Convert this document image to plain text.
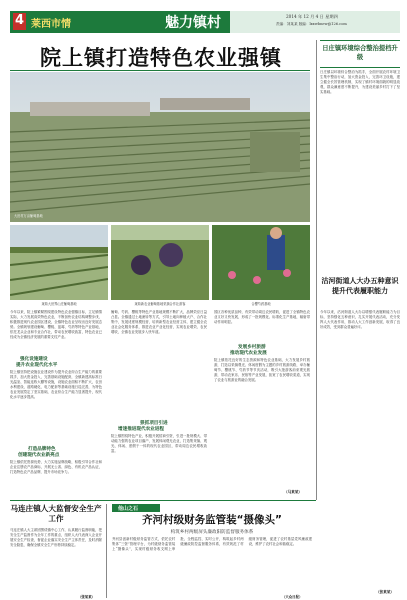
4 莱西市情	魅力镇村	2014 年 12 月 4 日 星期四
责编：刘某某 版编：lxxwbnew@126.com
院上镇打造特色农业强镇
大田村万亩葡萄基地
莱菊大世界山庄葡萄基地	莱菊新农业葡萄基地采摘合作社游客	合樱芍药基地
今年以来，院上镇紧紧围绕建设特色农业强镇目标，立足镇情实际，大力发展高效特色农业，不断加快农业结构调整步伐，积极推进现代农业园区建设，全镇特色农业呈现出良好发展态势。全镇规划建设葡萄、樱桃、蓝莓、芍药等特色产业基地，依托龙头企业和专业合作社，带动农民增收致富，特色农业已经成为全镇经济发展的重要支柱产业。
强化设施建设
提升农业现代化水平
院上镇坚持把设施农业建设作为提升农业综合生产能力的重要抓手，加大资金投入，完善基础设施配套，全镇新建高标准日光温室、智能连栋大棚等设施，设施农业面积不断扩大，农田水利建设、道路硬化、电力配套等基础设施日趋完善，为特色农业发展奠定了坚实基础，农业综合生产能力显著提升，现代化水平逐步提高。
打造品牌特色
创建现代农业新亮点
院上镇依托资源优势，大力实施品牌战略，积极引导合作社和企业注册农产品商标，开展无公害、绿色、有机农产品认证，打造特色农产品品牌，提升市场竞争力。
葡萄、芍药、樱桃等特色产业基地规模不断扩大，品牌效应日益凸显。全镇通过土地流转等方式，引导土地向种植大户、合作社集中，发展适度规模经营，培育新型农业经营主体，建立健全农业社会化服务体系，推进农业产业化经营，实现农业增效、农民增收，全镇农业发展步入快车道。
狠抓项目引进
增速推进现代农业进程
院上镇围绕特色产业，积极开展招商引资，引进一批规模大、带动能力强的农业项目落户，发展休闲观光农业，打造集采摘、观光、休闲、度假于一体的现代农业园区，带动周边农民增收致富。
园区各种优质品种，有效带动周边农民增收，促进了全镇特色农业又好又快发展，形成了一批规模化、标准化生产基地，辐射带动作用明显。
发展乡村旅游
推动现代农业发展
院上镇依托良好的生态资源和特色农业基础，大力发展乡村旅游，打造以采摘观光、休闲度假为主题的乡村旅游线路，举办葡萄节、樱桃节、芍药节等节庆活动，吸引大批游客前来观光旅游，带动农家乐、民宿等产业发展，拓宽了农民增收渠道，实现了农业与旅游业的融合发展。
（马某某）
日庄镇环境综合整治提档升级
日庄镇以环境综合整治为抓手，全面开展农村环境卫生集中整治行动，加大资金投入，完善环卫设施，建立健全长效管理机制，实现了镇村环境面貌的明显改观，群众满意度不断提升，为建设美丽乡村打下了坚实基础。
沽河街道人大办五种意识提升代表履职能力
今年以来，沽河街道人大办以增强代表履职能力为目标，坚持强化五种意识，扎实开展代表活动，充分发挥人大代表作用，推动人大工作创新发展，取得了良好成效，受到群众普遍好评。
（张某某）
马连庄镇人大监督安全生产工作
马连庄镇人大主席团围绕镇中心工作，认真履行监督职能，把安全生产监督作为全年工作的重点，组织人大代表深入企业开展安全生产检查，督促企业落实安全生产主体责任，及时消除安全隐患，确保全镇安全生产形势持续稳定。
（张某某）
他山之石
齐河村级财务监管装“摄像头”
构筑乡村两级屏头廉政阳防监督服务体系
齐河县创新村级财务监管方式，依托农村集体“三资”管理平台，为村级财务监管装上“摄像头”，实现村级财务收支网上审批、全程监控、实时公开，构筑起乡村两级廉政防控监督服务体系，有效规范了村级财务管理，促进了农村基层党风廉政建设，维护了农村社会和谐稳定。
（大众日报）
